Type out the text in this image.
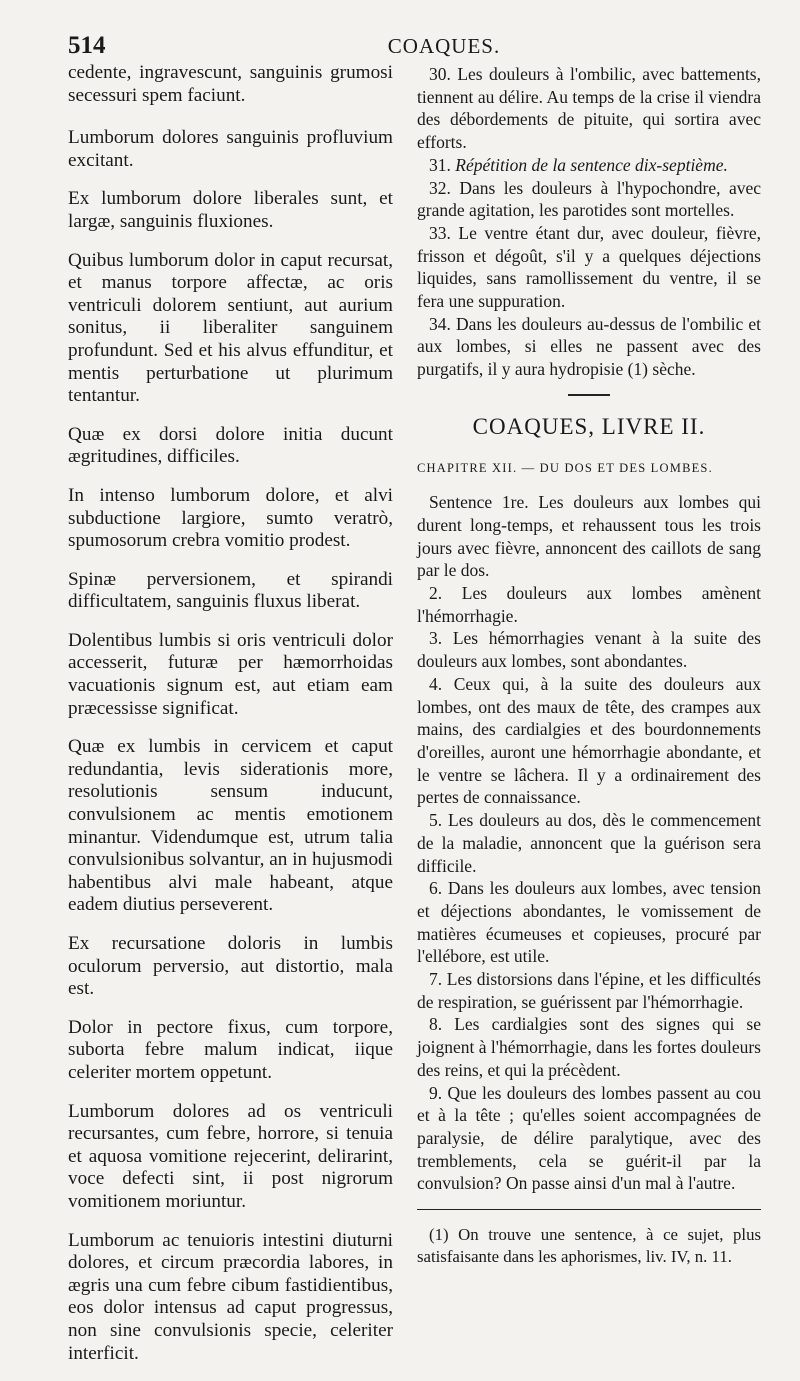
514	COAQUES.

cedente, ingravescunt, sanguinis grumosi secessuri spem faciunt.

Lumborum dolores sanguinis profluvium excitant.

Ex lumborum dolore liberales sunt, et largæ, sanguinis fluxiones.

Quibus lumborum dolor in caput recursat, et manus torpore affectæ, ac oris ventriculi dolorem sentiunt, aut aurium sonitus, ii liberaliter sanguinem profundunt. Sed et his alvus effunditur, et mentis perturbatione ut plurimum tentantur.

Quæ ex dorsi dolore initia ducunt ægritudines, difficiles.

In intenso lumborum dolore, et alvi subductione largiore, sumto veratrò, spumosorum crebra vomitio prodest.

Spinæ perversionem, et spirandi difficultatem, sanguinis fluxus liberat.

Dolentibus lumbis si oris ventriculi dolor accesserit, futuræ per hæmorrhoidas vacuationis signum est, aut etiam eam præcessisse significat.

Quæ ex lumbis in cervicem et caput redundantia, levis siderationis more, resolutionis sensum inducunt, convulsionem ac mentis emotionem minantur. Videndumque est, utrum talia convulsionibus solvantur, an in hujusmodi habentibus alvi male habeant, atque eadem diutius perseverent.

Ex recursatione doloris in lumbis oculorum perversio, aut distortio, mala est.

Dolor in pectore fixus, cum torpore, suborta febre malum indicat, iique celeriter mortem oppetunt.

Lumborum dolores ad os ventriculi recursantes, cum febre, horrore, si tenuia et aquosa vomitione rejecerint, delirarint, voce defecti sint, ii post nigrorum vomitionem moriuntur.

Lumborum ac tenuioris intestini diuturni dolores, et circum præcordia labores, in ægris una cum febre cibum fastidientibus, eos dolor intensus ad caput progressus, non sine convulsionis specie, celeriter interficit.

30. Les douleurs à l'ombilic, avec battements, tiennent au délire. Au temps de la crise il viendra des débordements de pituite, qui sortira avec efforts.

31. Répétition de la sentence dix-septième.

32. Dans les douleurs à l'hypochondre, avec grande agitation, les parotides sont mortelles.

33. Le ventre étant dur, avec douleur, fièvre, frisson et dégoût, s'il y a quelques déjections liquides, sans ramollissement du ventre, il se fera une suppuration.

34. Dans les douleurs au-dessus de l'ombilic et aux lombes, si elles ne passent avec des purgatifs, il y aura hydropisie (1) sèche.

COAQUES, LIVRE II.
CHAPITRE XII. — DU DOS ET DES LOMBES.

Sentence 1re. Les douleurs aux lombes qui durent long-temps, et rehaussent tous les trois jours avec fièvre, annoncent des caillots de sang par le dos.

2. Les douleurs aux lombes amènent l'hémorrhagie.

3. Les hémorrhagies venant à la suite des douleurs aux lombes, sont abondantes.

4. Ceux qui, à la suite des douleurs aux lombes, ont des maux de tête, des crampes aux mains, des cardialgies et des bourdonnements d'oreilles, auront une hémorrhagie abondante, et le ventre se lâchera. Il y a ordinairement des pertes de connaissance.

5. Les douleurs au dos, dès le commencement de la maladie, annoncent que la guérison sera difficile.

6. Dans les douleurs aux lombes, avec tension et déjections abondantes, le vomissement de matières écumeuses et copieuses, procuré par l'ellébore, est utile.

7. Les distorsions dans l'épine, et les difficultés de respiration, se guérissent par l'hémorrhagie.

8. Les cardialgies sont des signes qui se joignent à l'hémorrhagie, dans les fortes douleurs des reins, et qui la précèdent.

9. Que les douleurs des lombes passent au cou et à la tête ; qu'elles soient accompagnées de paralysie, de délire paralytique, avec des tremblements, cela se guérit-il par la convulsion? On passe ainsi d'un mal à l'autre.

(1) On trouve une sentence, à ce sujet, plus satisfaisante dans les aphorismes, liv. IV, n. 11.
